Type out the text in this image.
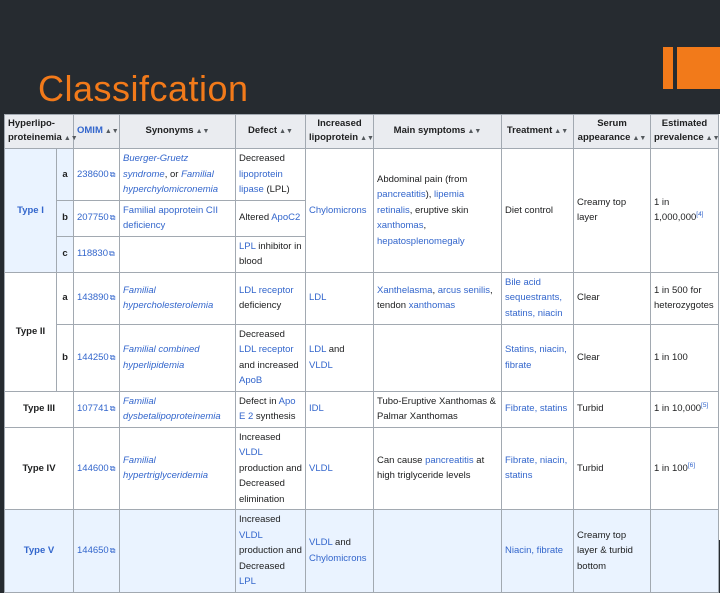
Classifcation
Hyperlipo-proteinemia ▲▼		OMIM ▲▼	Synonyms ▲▼	Defect ▲▼	Increased lipoprotein ▲▼	Main symptoms ▲▼	Treatment ▲▼	Serum appearance ▲▼	Estimated prevalence ▲▼
Type I	a	238600⧉	Buerger-Gruetz syndrome, or Familial hyperchylomicronemia	Decreased lipoprotein lipase (LPL)	Chylomicrons	Abdominal pain (from pancreatitis), lipemia retinalis, eruptive skin xanthomas, hepatosplenomegaly	Diet control	Creamy top layer	1 in 1,000,000[4]
	b	207750⧉	Familial apoprotein CII deficiency	Altered ApoC2					
	c	118830⧉		LPL inhibitor in blood					
Type II	a	143890⧉	Familial hypercholesterolemia	LDL receptor deficiency	LDL	Xanthelasma, arcus senilis, tendon xanthomas	Bile acid sequestrants, statins, niacin	Clear	1 in 500 for heterozygotes
	b	144250⧉	Familial combined hyperlipidemia	Decreased LDL receptor and increased ApoB	LDL and VLDL		Statins, niacin, fibrate	Clear	1 in 100
Type III		107741⧉	Familial dysbetalipoproteinemia	Defect in Apo E 2 synthesis	IDL	Tubo-Eruptive Xanthomas & Palmar Xanthomas	Fibrate, statins	Turbid	1 in 10,000[5]
Type IV		144600⧉	Familial hypertriglyceridemia	Increased VLDL production and Decreased elimination	VLDL	Can cause pancreatitis at high triglyceride levels	Fibrate, niacin, statins	Turbid	1 in 100[6]
Type V		144650⧉		Increased VLDL production and Decreased LPL	VLDL and Chylomicrons		Niacin, fibrate	Creamy top layer & turbid bottom	
